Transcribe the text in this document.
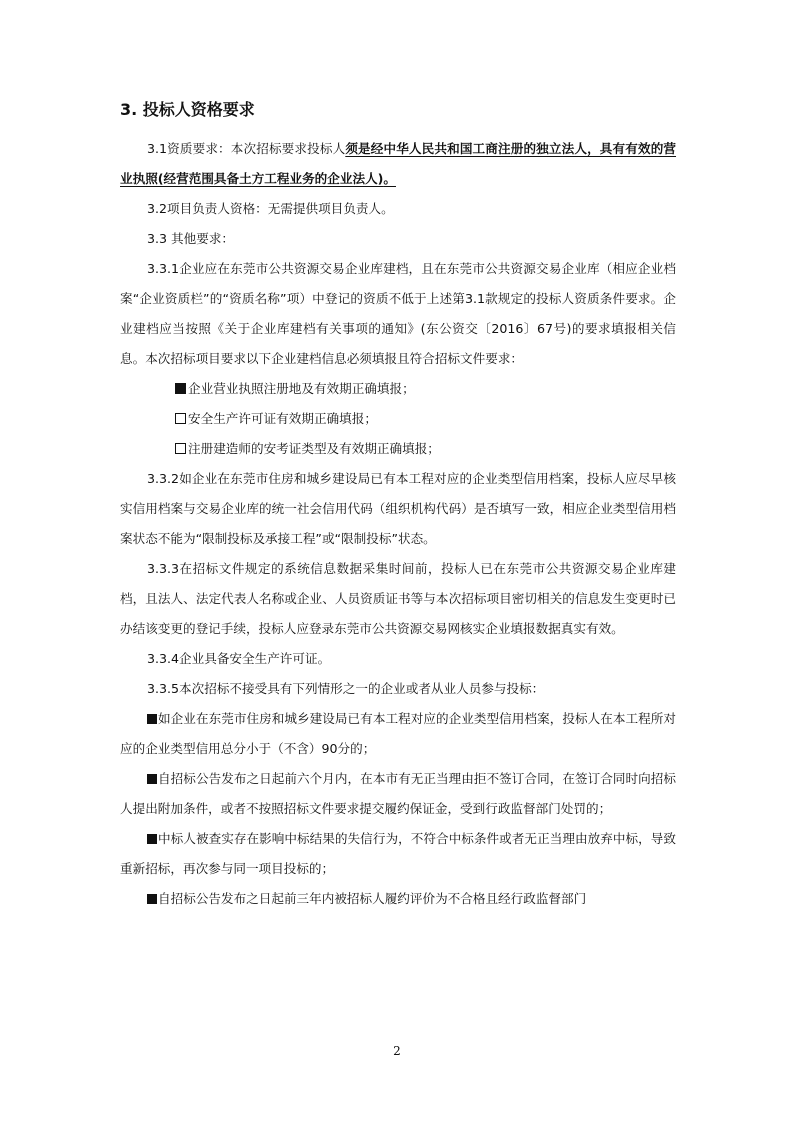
3. 投标人资格要求

3.1资质要求：本次招标要求投标人须是经中华人民共和国工商注册的独立法人，具有有效的营业执照(经营范围具备土方工程业务的企业法人)。

3.2项目负责人资格：无需提供项目负责人。

3.3 其他要求：

3.3.1企业应在东莞市公共资源交易企业库建档，且在东莞市公共资源交易企业库（相应企业档案“企业资质栏”的“资质名称”项）中登记的资质不低于上述第3.1款规定的投标人资质条件要求。企业建档应当按照《关于企业库建档有关事项的通知》(东公资交〔2016〕67号)的要求填报相关信息。本次招标项目要求以下企业建档信息必须填报且符合招标文件要求：

企业营业执照注册地及有效期正确填报；
安全生产许可证有效期正确填报；
注册建造师的安考证类型及有效期正确填报；

3.3.2如企业在东莞市住房和城乡建设局已有本工程对应的企业类型信用档案，投标人应尽早核实信用档案与交易企业库的统一社会信用代码（组织机构代码）是否填写一致，相应企业类型信用档案状态不能为“限制投标及承接工程”或“限制投标”状态。

3.3.3在招标文件规定的系统信息数据采集时间前，投标人已在东莞市公共资源交易企业库建档，且法人、法定代表人名称或企业、人员资质证书等与本次招标项目密切相关的信息发生变更时已办结该变更的登记手续，投标人应登录东莞市公共资源交易网核实企业填报数据真实有效。

3.3.4企业具备安全生产许可证。

3.3.5本次招标不接受具有下列情形之一的企业或者从业人员参与投标：

如企业在东莞市住房和城乡建设局已有本工程对应的企业类型信用档案，投标人在本工程所对应的企业类型信用总分小于（不含）90分的；

自招标公告发布之日起前六个月内，在本市有无正当理由拒不签订合同，在签订合同时向招标人提出附加条件，或者不按照招标文件要求提交履约保证金，受到行政监督部门处罚的；

中标人被查实存在影响中标结果的失信行为，不符合中标条件或者无正当理由放弃中标，导致重新招标，再次参与同一项目投标的；

自招标公告发布之日起前三年内被招标人履约评价为不合格且经行政监督部门

2
